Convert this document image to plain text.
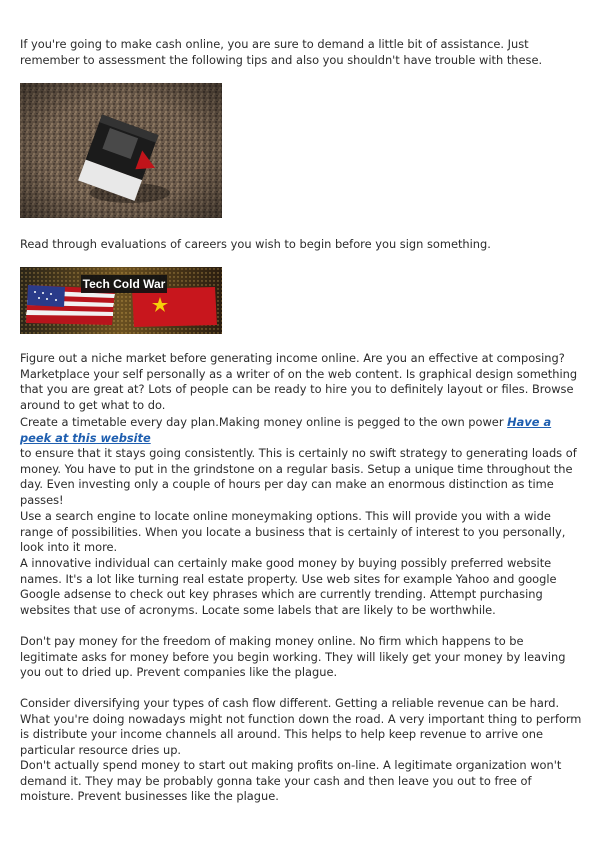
If you're going to make cash online, you are sure to demand a little bit of assistance. Just remember to assessment the following tips and also you shouldn't have trouble with these.

Read through evaluations of careers you wish to begin before you sign something.

Tech Cold War

Figure out a niche market before generating income online. Are you an effective at composing? Marketplace your self personally as a writer of on the web content. Is graphical design something that you are great at? Lots of people can be ready to hire you to definitely layout or files. Browse around to get what to do.

Create a timetable every day plan.Making money online is pegged to the own power Have a peek at this website

to ensure that it stays going consistently. This is certainly no swift strategy to generating loads of money. You have to put in the grindstone on a regular basis. Setup a unique time throughout the day. Even investing only a couple of hours per day can make an enormous distinction as time passes!

Use a search engine to locate online moneymaking options. This will provide you with a wide range of possibilities. When you locate a business that is certainly of interest to you personally, look into it more.

A innovative individual can certainly make good money by buying possibly preferred website names. It's a lot like turning real estate property. Use web sites for example Yahoo and google Google adsense to check out key phrases which are currently trending. Attempt purchasing websites that use of acronyms. Locate some labels that are likely to be worthwhile.

Don't pay money for the freedom of making money online. No firm which happens to be legitimate asks for money before you begin working. They will likely get your money by leaving you out to dried up. Prevent companies like the plague.

Consider diversifying your types of cash flow different. Getting a reliable revenue can be hard. What you're doing nowadays might not function down the road. A very important thing to perform is distribute your income channels all around. This helps to help keep revenue to arrive one particular resource dries up.

Don't actually spend money to start out making profits on-line. A legitimate organization won't demand it. They may be probably gonna take your cash and then leave you out to free of moisture. Prevent businesses like the plague.
